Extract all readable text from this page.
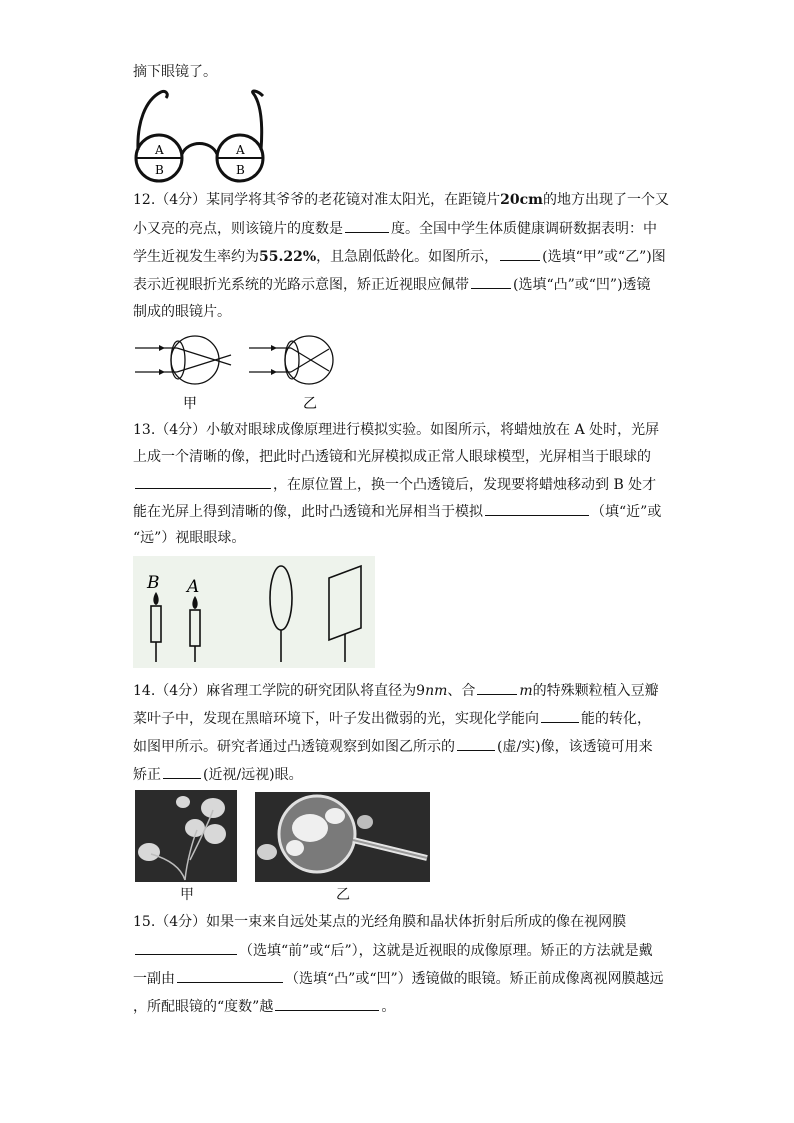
摘下眼镜了。
A
B
A
B
12.（4分）某同学将其爷爷的老花镜对准太阳光，在距镜片20cm的地方出现了一个又
小又亮的亮点，则该镜片的度数是	度。全国中学生体质健康调研数据表明：中
学生近视发生率约为55.22%，且急剧低龄化。如图所示，	(选填“甲”或“乙”)图
表示近视眼折光系统的光路示意图，矫正近视眼应佩带	(选填“凸”或“凹”)透镜
制成的眼镜片。
甲	乙
13.（4分）小敏对眼球成像原理进行模拟实验。如图所示，将蜡烛放在 A 处时，光屏
上成一个清晰的像，把此时凸透镜和光屏模拟成正常人眼球模型，光屏相当于眼球的
，在原位置上，换一个凸透镜后，发现要将蜡烛移动到 B 处才
能在光屏上得到清晰的像，此时凸透镜和光屏相当于模拟	（填“近”或
“远”）视眼眼球。
B A
14.（4分）麻省理工学院的研究团队将直径为9nm、合	m的特殊颗粒植入豆瓣
菜叶子中，发现在黑暗环境下，叶子发出微弱的光，实现化学能向	能的转化，
如图甲所示。研究者通过凸透镜观察到如图乙所示的	(虚/实)像，该透镜可用来
矫正	(近视/远视)眼。
甲	乙
15.（4分）如果一束来自远处某点的光经角膜和晶状体折射后所成的像在视网膜
（选填“前”或“后”），这就是近视眼的成像原理。矫正的方法就是戴
一副由	（选填“凸”或“凹”）透镜做的眼镜。矫正前成像离视网膜越远
，所配眼镜的“度数”越	。
